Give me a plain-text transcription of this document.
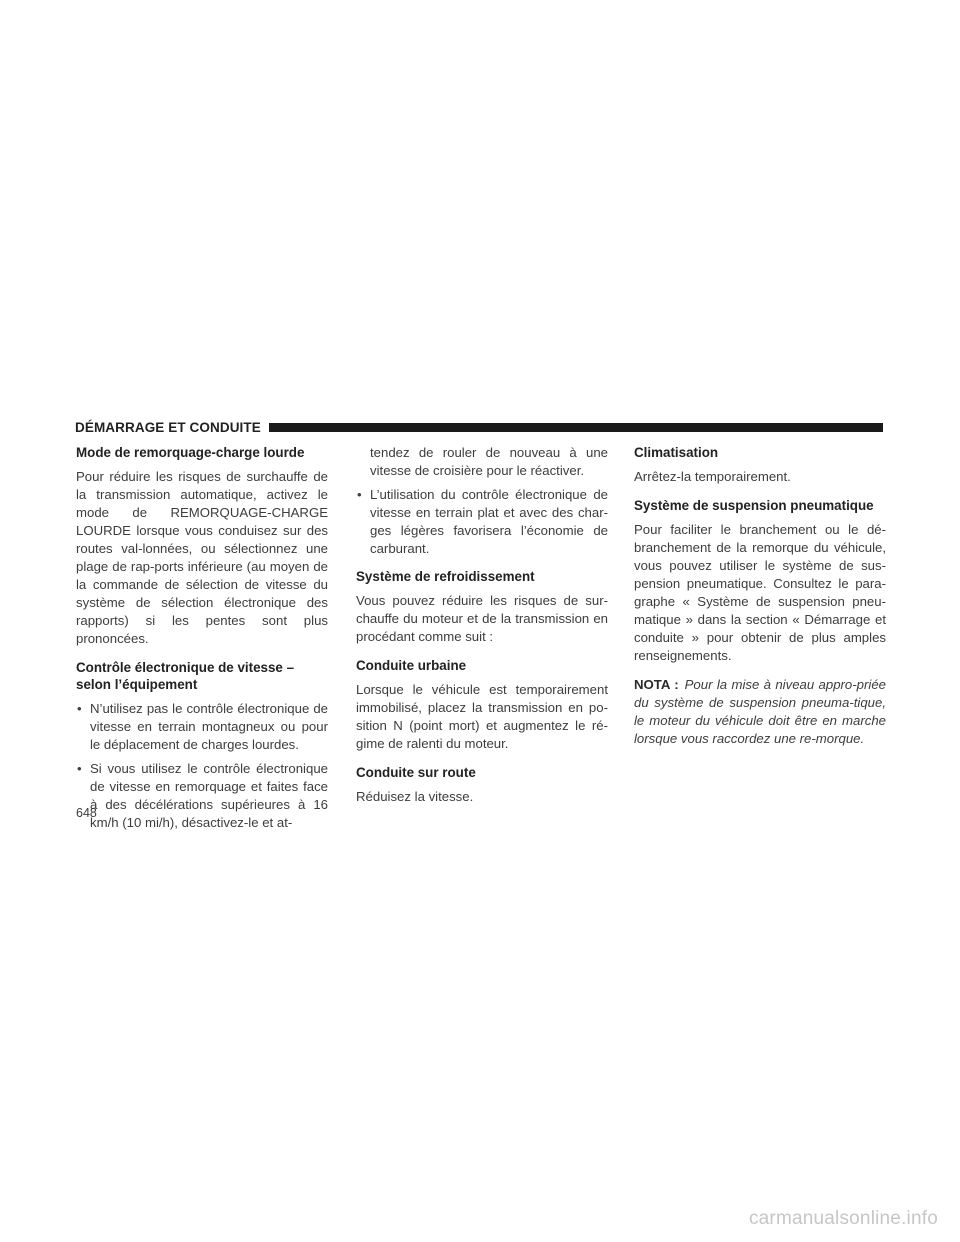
DÉMARRAGE ET CONDUITE
Mode de remorquage-charge lourde

Pour réduire les risques de surchauffe de la transmission automatique, activez le mode de REMORQUAGE-CHARGE LOURDE lorsque vous conduisez sur des routes val-lonnées, ou sélectionnez une plage de rap-ports inférieure (au moyen de la commande de sélection de vitesse du système de sélection électronique des rapports) si les pentes sont plus prononcées.

Contrôle électronique de vitesse – selon l’équipement
• N’utilisez pas le contrôle électronique de vitesse en terrain montagneux ou pour le déplacement de charges lourdes.
• Si vous utilisez le contrôle électronique de vitesse en remorquage et faites face à des décélérations supérieures à 16 km/h (10 mi/h), désactivez-le et at-
tendez de rouler de nouveau à une vitesse de croisière pour le réactiver.
• L’utilisation du contrôle électronique de vitesse en terrain plat et avec des char-ges légères favorisera l’économie de carburant.
Système de refroidissement

Vous pouvez réduire les risques de sur-chauffe du moteur et de la transmission en procédant comme suit :

Conduite urbaine

Lorsque le véhicule est temporairement immobilisé, placez la transmission en po-sition N (point mort) et augmentez le ré-gime de ralenti du moteur.

Conduite sur route

Réduisez la vitesse.

Climatisation

Arrêtez-la temporairement.

Système de suspension pneumatique

Pour faciliter le branchement ou le dé-branchement de la remorque du véhicule, vous pouvez utiliser le système de sus-pension pneumatique. Consultez le para-graphe « Système de suspension pneu-matique » dans la section « Démarrage et conduite » pour obtenir de plus amples renseignements.

NOTA : Pour la mise à niveau appro-priée du système de suspension pneuma-tique, le moteur du véhicule doit être en marche lorsque vous raccordez une re-morque.

648
carmanualsonline.info
